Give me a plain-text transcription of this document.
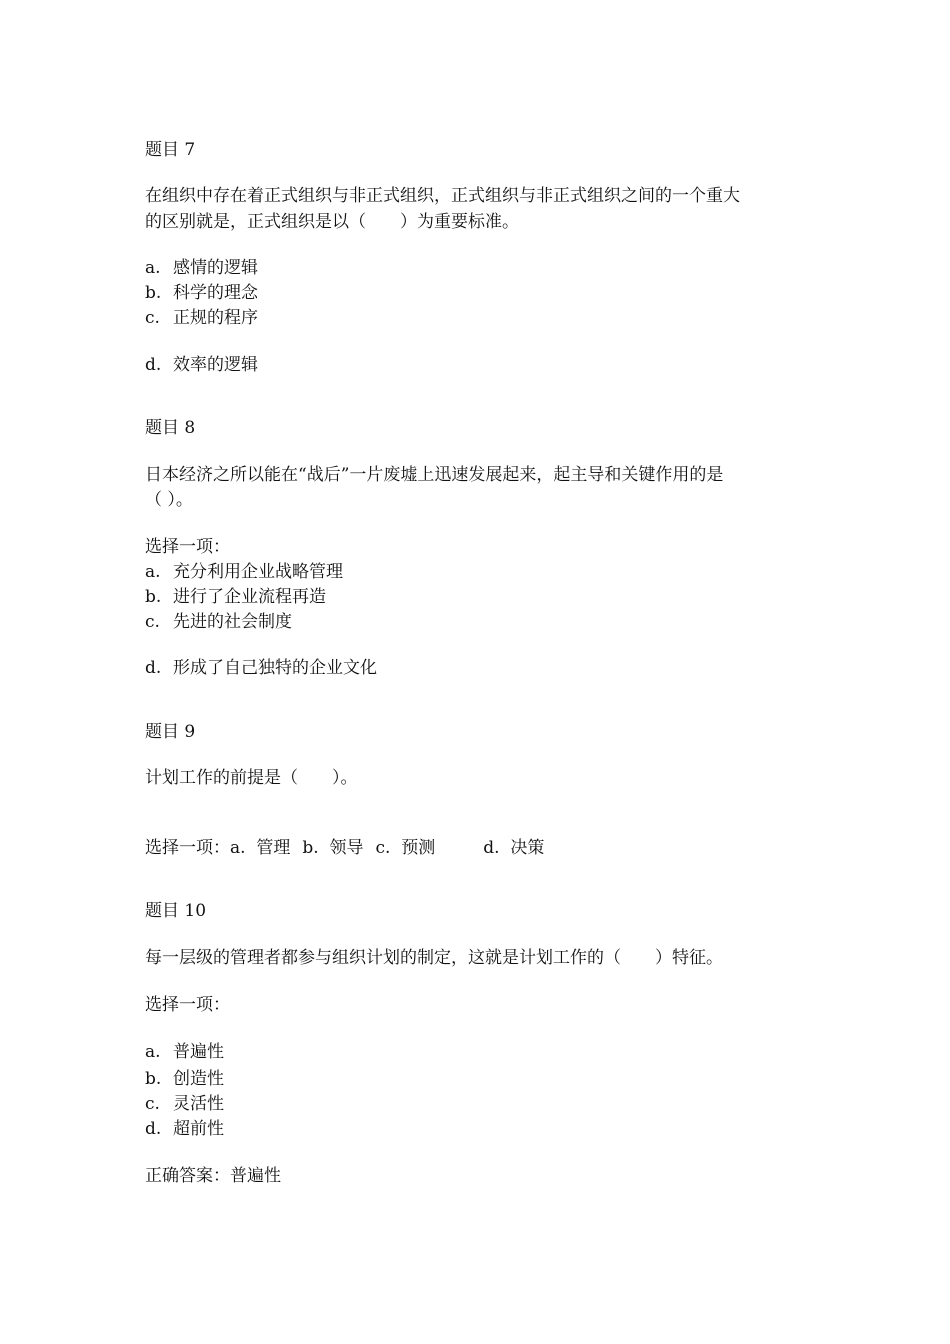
题目 7
在组织中存在着正式组织与非正式组织，正式组织与非正式组织之间的一个重大
的区别就是，正式组织是以（　　）为重要标准。
a. 感情的逻辑
b. 科学的理念
c. 正规的程序
d. 效率的逻辑
题目 8
日本经济之所以能在“战后”一片废墟上迅速发展起来，起主导和关键作用的是
（ ）。
选择一项：
a. 充分利用企业战略管理
b. 进行了企业流程再造
c. 先进的社会制度
d. 形成了自己独特的企业文化
题目 9
计划工作的前提是（　　）。
选择一项：a. 管理 b. 领导 c. 预测	d. 决策
题目 10
每一层级的管理者都参与组织计划的制定，这就是计划工作的（　　）特征。
选择一项：
a. 普遍性
b. 创造性
c. 灵活性
d. 超前性
正确答案：普遍性
